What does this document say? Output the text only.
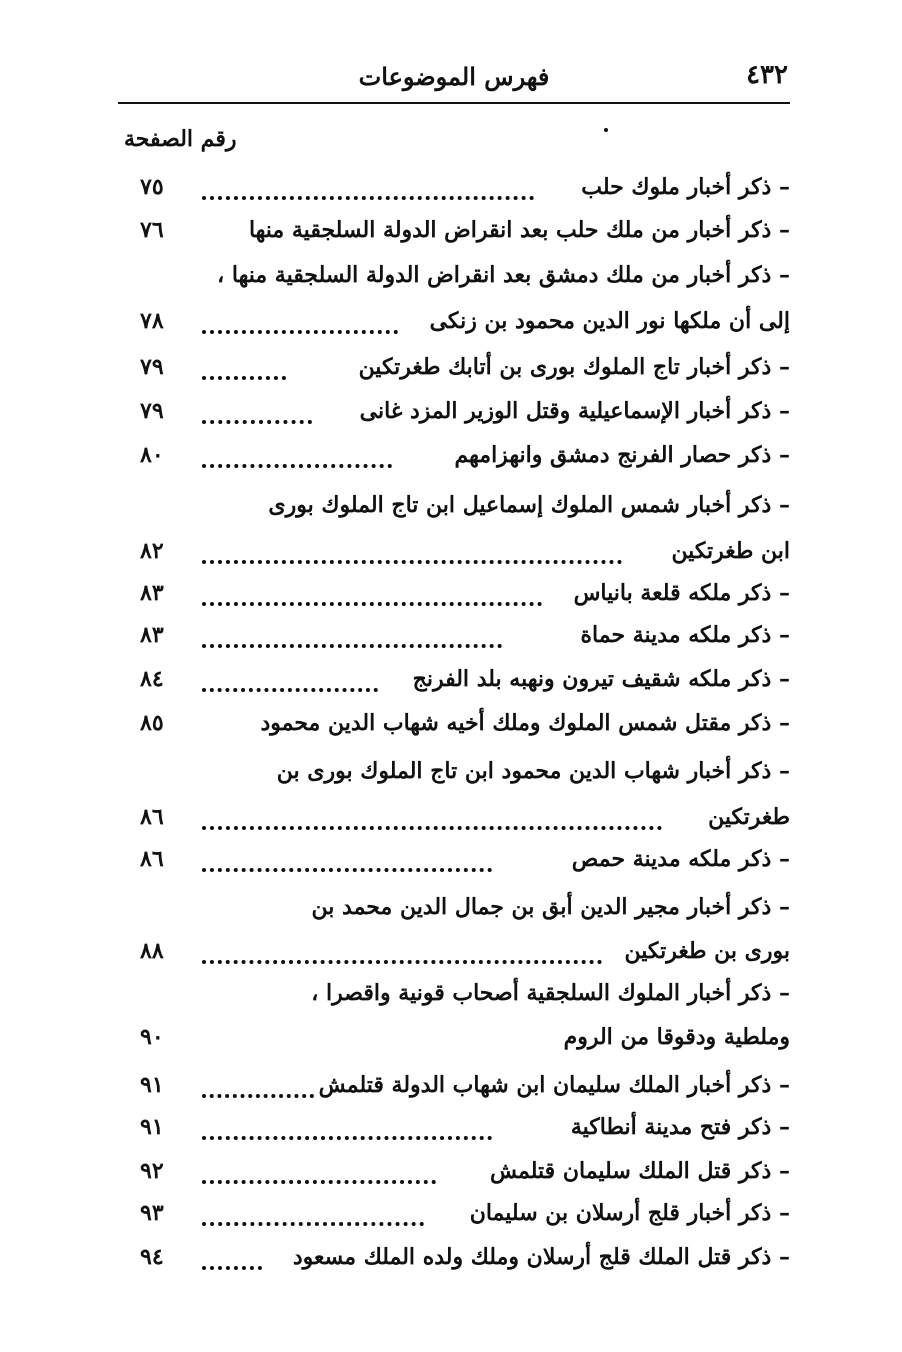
٤٣٢
فهرس الموضوعات
رقم الصفحة
– ذكر أخبار ملوك حلب
٧٥
– ذكر أخبار من ملك حلب بعد انقراض الدولة السلجقية منها
٧٦
– ذكر أخبار من ملك دمشق بعد انقراض الدولة السلجقية منها ،
إلى أن ملكها نور الدين محمود بن زنكى
٧٨
– ذكر أخبار تاج الملوك بورى بن أتابك طغرتكين
٧٩
– ذكر أخبار الإسماعيلية وقتل الوزير المزد غانى
٧٩
– ذكر حصار الفرنج دمشق وانهزامهم
٨٠
– ذكر أخبار شمس الملوك إسماعيل ابن تاج الملوك بورى
ابن طغرتكين
٨٢
– ذكر ملكه قلعة بانياس
٨٣
– ذكر ملكه مدينة حماة
٨٣
– ذكر ملكه شقيف تيرون ونهبه بلد الفرنج
٨٤
– ذكر مقتل شمس الملوك وملك أخيه شهاب الدين محمود
٨٥
– ذكر أخبار شهاب الدين محمود ابن تاج الملوك بورى بن
طغرتكين
٨٦
– ذكر ملكه مدينة حمص
٨٦
– ذكر أخبار مجير الدين أبق بن جمال الدين محمد بن
بورى بن طغرتكين
٨٨
– ذكر أخبار الملوك السلجقية أصحاب قونية واقصرا ،
وملطية ودقوقا من الروم
٩٠
– ذكر أخبار الملك سليمان ابن شهاب الدولة قتلمش
٩١
– ذكر فتح مدينة أنطاكية
٩١
– ذكر قتل الملك سليمان قتلمش
٩٢
– ذكر أخبار قلج أرسلان بن سليمان
٩٣
– ذكر قتل الملك قلج أرسلان وملك ولده الملك مسعود
٩٤
